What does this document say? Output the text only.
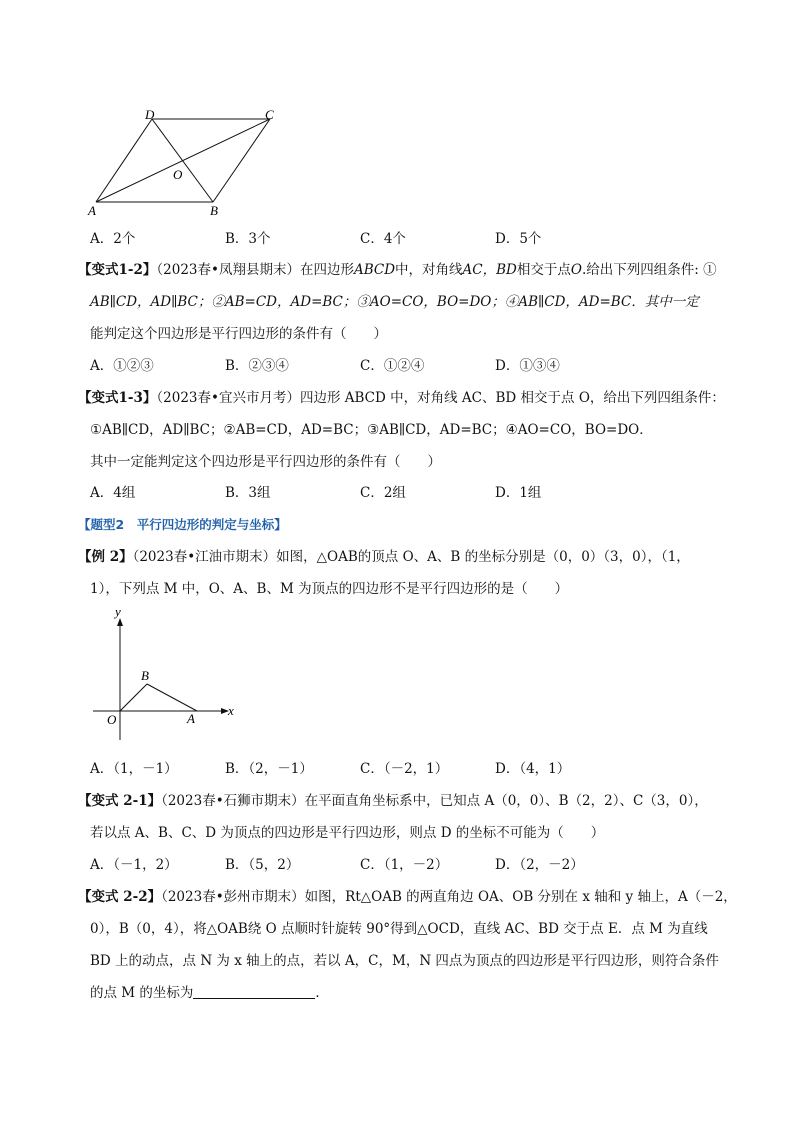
A	B
C
D
O
A．2个	B．3个	C．4个	D．5个
【变式1-2】（2023春•凤翔县期末）在四边形ABCD中，对角线AC，BD相交于点O.给出下列四组条件: ①
AB∥CD，AD∥BC；②AB=CD，AD=BC；③AO=CO，BO=DO；④AB∥CD，AD=BC．其中一定
能判定这个四边形是平行四边形的条件有（　　）
A．①②③	B．②③④	C．①②④	D．①③④
【变式1-3】（2023春•宜兴市月考）四边形 ABCD 中，对角线 AC、BD 相交于点 O，给出下列四组条件：
①AB∥CD，AD∥BC；②AB=CD，AD=BC；③AB∥CD，AD=BC；④AO=CO，BO=DO．
其中一定能判定这个四边形是平行四边形的条件有（　　）
A．4组	B．3组	C．2组	D．1组
【题型2　平行四边形的判定与坐标】
【例 2】（2023春•江油市期末）如图，△OAB的顶点 O、A、B 的坐标分别是（0，0）（3，0），（1，
1），下列点 M 中，O、A、B、M 为顶点的四边形不是平行四边形的是（　　）
y
x
O	A
B
A．（1，－1）	B．（2，－1）	C．（－2，1）	D．（4，1）
【变式 2-1】（2023春•石狮市期末）在平面直角坐标系中，已知点 A（0，0）、B（2，2）、C（3，0），
若以点 A、B、C、D 为顶点的四边形是平行四边形，则点 D 的坐标不可能为（　　）
A．（－1，2）	B．（5，2）	C．（1，－2）	D．（2，－2）
【变式 2-2】（2023春•彭州市期末）如图，Rt△OAB 的两直角边 OA、OB 分别在 x 轴和 y 轴上，A（－2，
0），B（0，4），将△OAB绕 O 点顺时针旋转 90°得到△OCD，直线 AC、BD 交于点 E．点 M 为直线
BD 上的动点，点 N 为 x 轴上的点，若以 A，C，M，N 四点为顶点的四边形是平行四边形，则符合条件
的点 M 的坐标为	．
